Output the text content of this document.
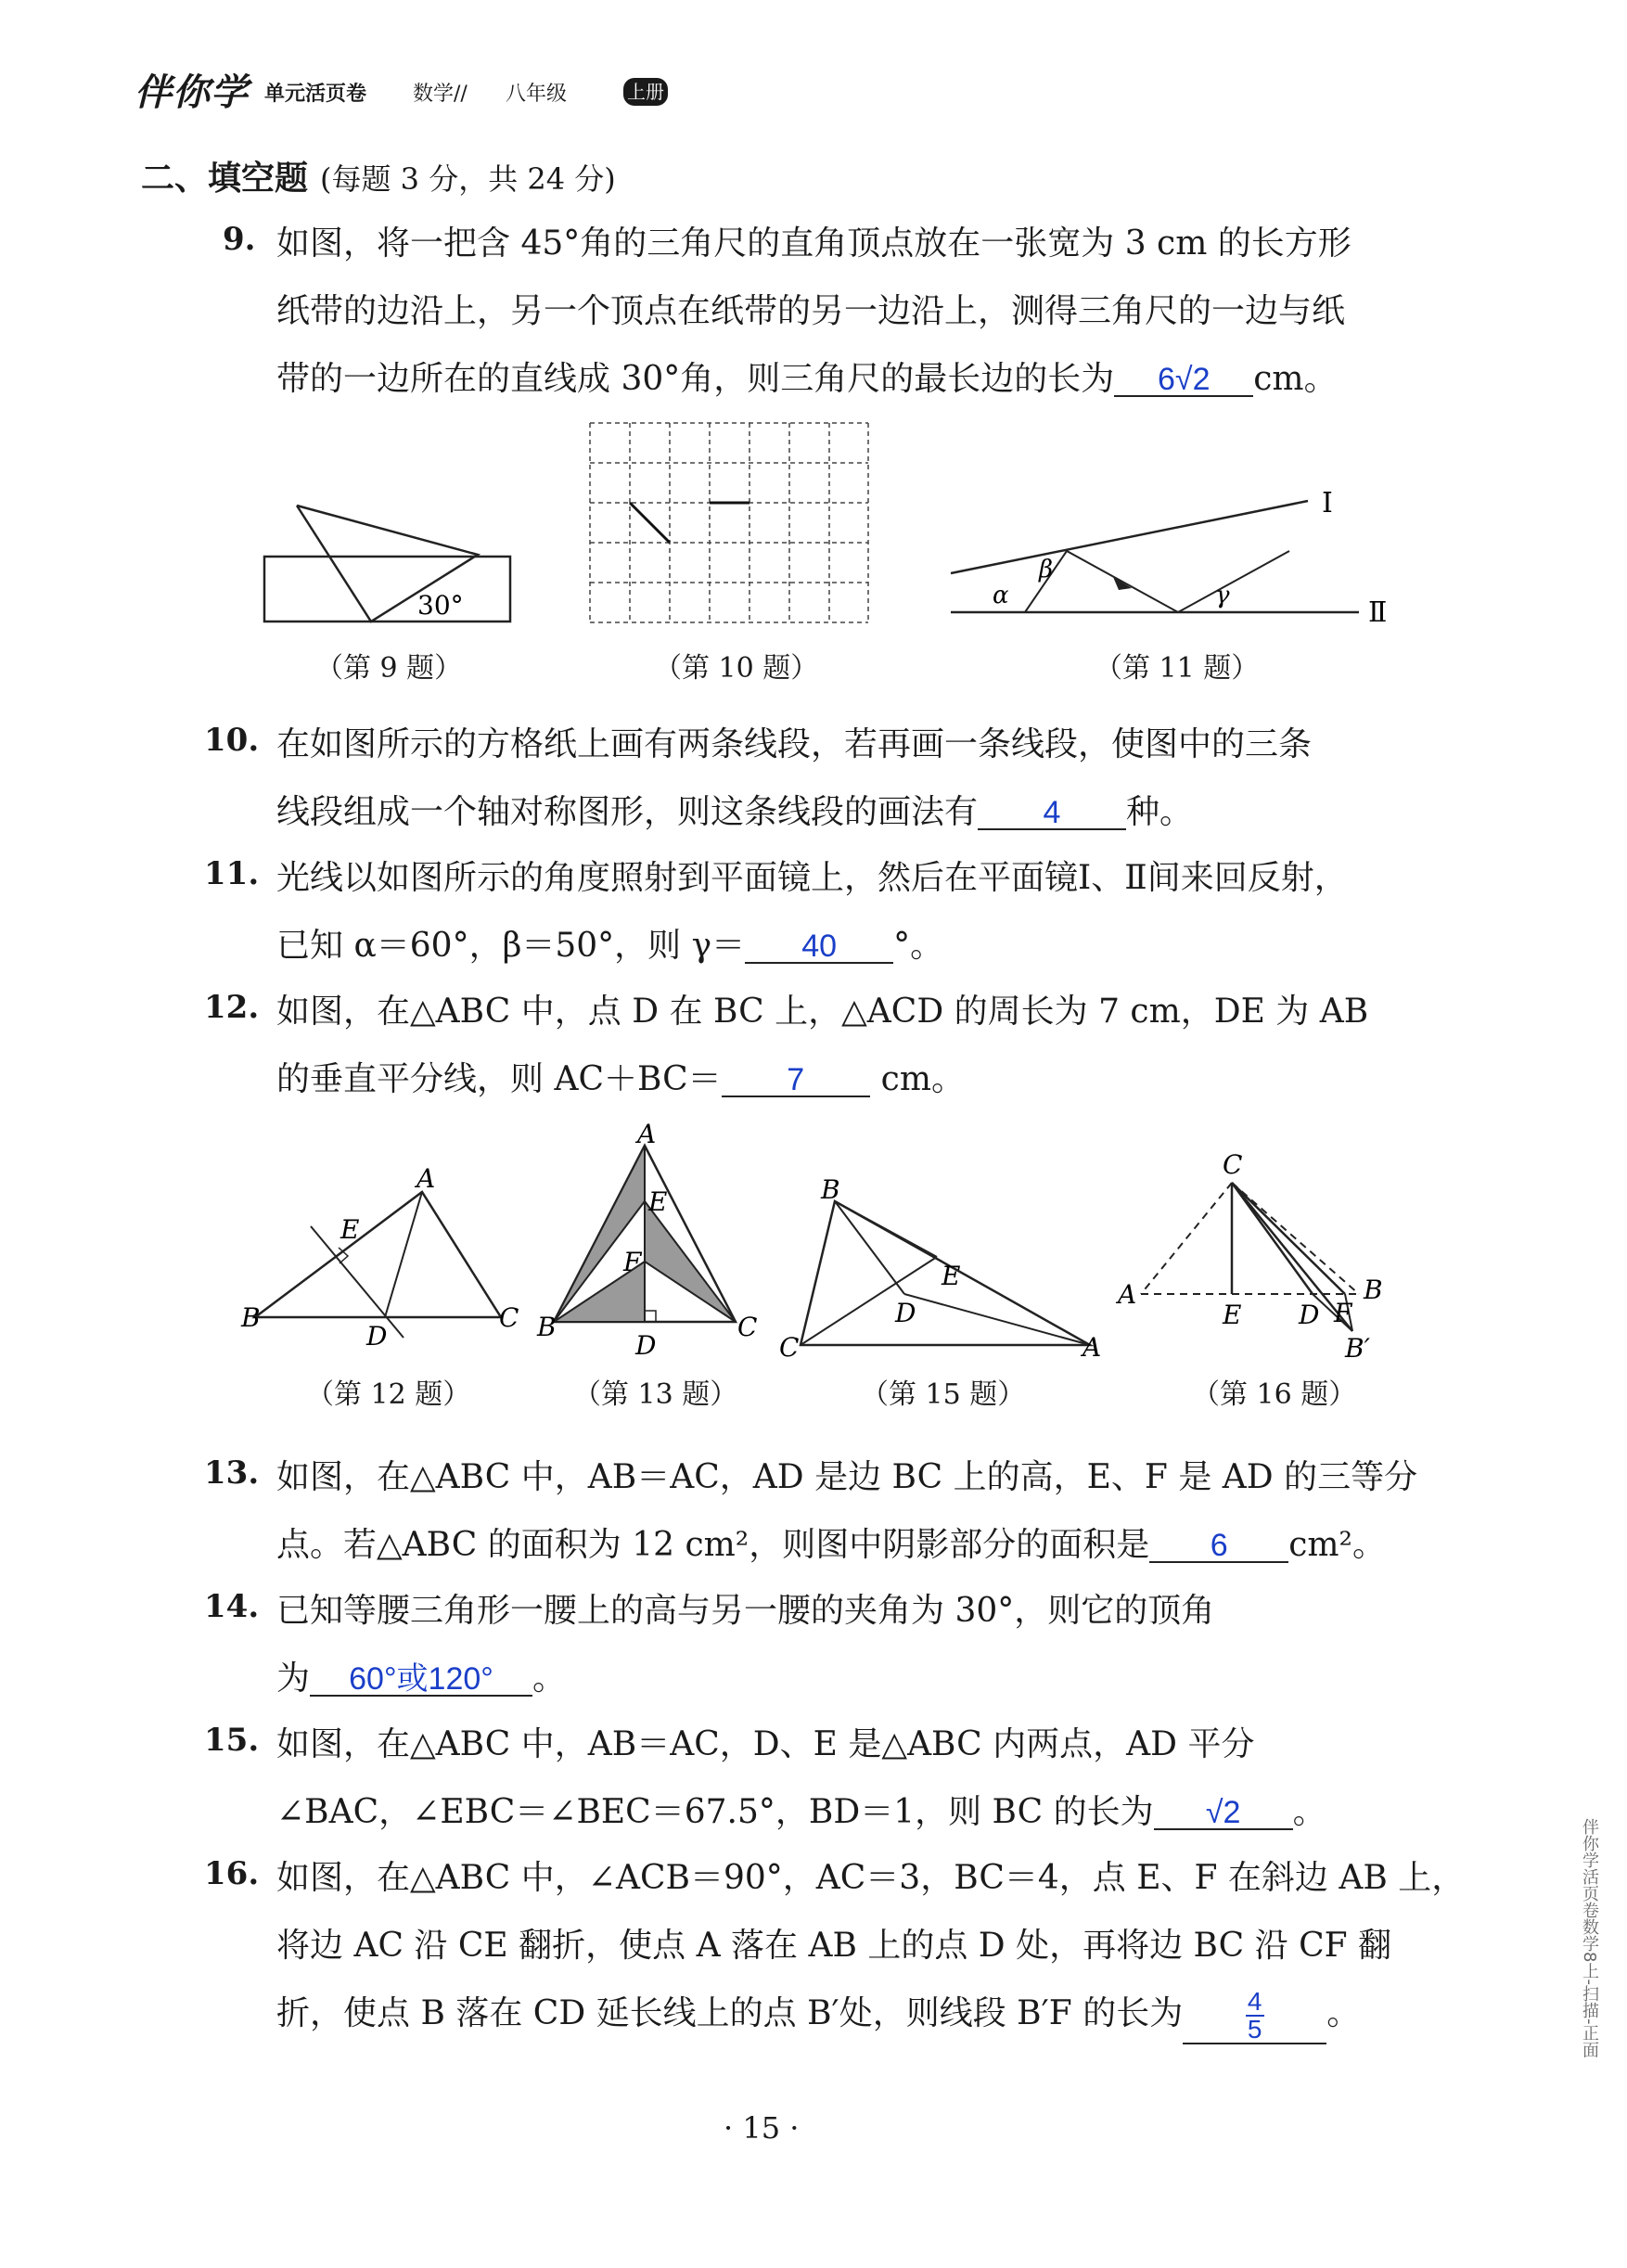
伴你学 单元活页卷 数学// 八年级	上册
二、填空题 (每题 3 分，共 24 分)
9. 如图，将一把含 45°角的三角尺的直角顶点放在一张宽为 3 cm 的长方形
纸带的边沿上，另一个顶点在纸带的另一边沿上，测得三角尺的一边与纸
带的一边所在的直线成 30°角，则三角尺的最长边的长为 6√2 cm。
30°
（第 9 题）	（第 10 题）
α
β
γ
Ⅰ
Ⅱ
（第 11 题）
10. 在如图所示的方格纸上画有两条线段，若再画一条线段，使图中的三条
线段组成一个轴对称图形，则这条线段的画法有 4 种。
11. 光线以如图所示的角度照射到平面镜上，然后在平面镜Ⅰ、Ⅱ间来回反射，
已知 α＝60°，β＝50°，则 γ＝ 40 °。
12. 如图，在△ABC 中，点 D 在 BC 上，△ACD 的周长为 7 cm，DE 为 AB
的垂直平分线，则 AC＋BC＝ 7 cm。
A
B	C
D
E
（第 12 题）
A
B	C
D
E
F
（第 13 题）
B
C	A
D
E
（第 15 题）
C
A	B
E D F
B′
（第 16 题）
13. 如图，在△ABC 中，AB＝AC，AD 是边 BC 上的高，E、F 是 AD 的三等分
点。若△ABC 的面积为 12 cm²，则图中阴影部分的面积是 6 cm²。
14. 已知等腰三角形一腰上的高与另一腰的夹角为 30°，则它的顶角
为 60°或120° 。
15. 如图，在△ABC 中，AB＝AC，D、E 是△ABC 内两点，AD 平分
∠BAC，∠EBC＝∠BEC＝67.5°，BD＝1，则 BC 的长为 √2 。
16. 如图，在△ABC 中，∠ACB＝90°，AC＝3，BC＝4，点 E、F 在斜边 AB 上，
将边 AC 沿 CE 翻折，使点 A 落在 AB 上的点 D 处，再将边 BC 沿 CF 翻
折，使点 B 落在 CD 延长线上的点 B′处，则线段 B′F 的长为 $\frac{4}{5}$ 。
· 15 ·
伴你学活页卷数学8上-扫描-正面
